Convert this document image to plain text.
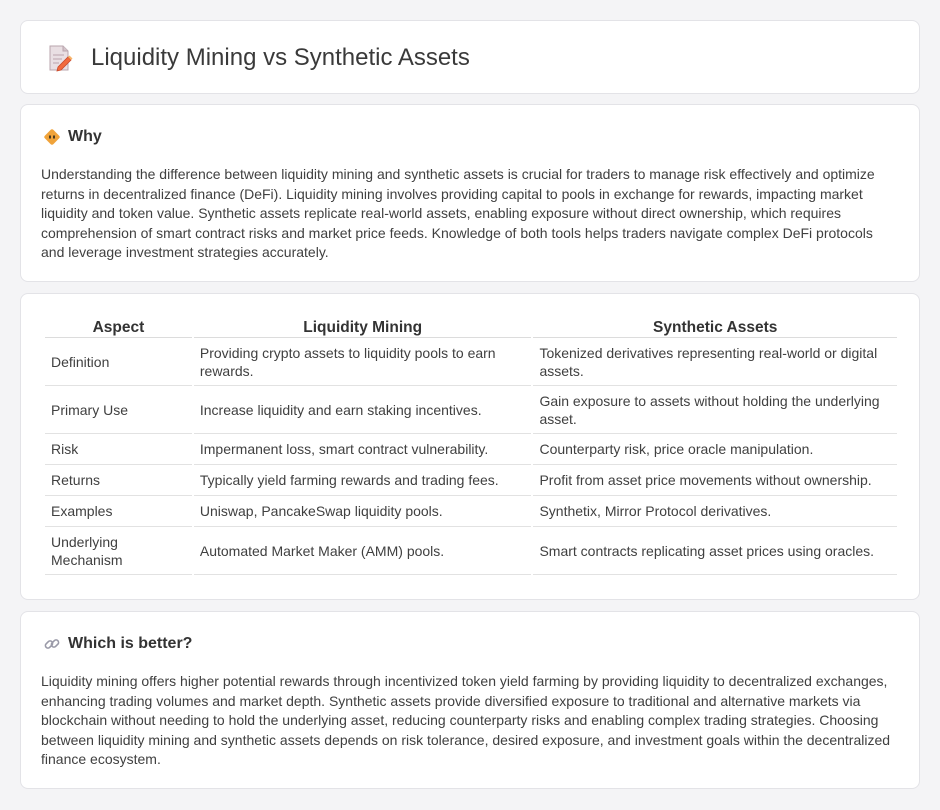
Liquidity Mining vs Synthetic Assets
Why

Understanding the difference between liquidity mining and synthetic assets is crucial for traders to manage risk effectively and optimize returns in decentralized finance (DeFi). Liquidity mining involves providing capital to pools in exchange for rewards, impacting market liquidity and token value. Synthetic assets replicate real-world assets, enabling exposure without direct ownership, which requires comprehension of smart contract risks and market price feeds. Knowledge of both tools helps traders navigate complex DeFi protocols and leverage investment strategies accurately.

Aspect	Liquidity Mining	Synthetic Assets
Definition	Providing crypto assets to liquidity pools to earn rewards.	Tokenized derivatives representing real-world or digital assets.
Primary Use	Increase liquidity and earn staking incentives.	Gain exposure to assets without holding the underlying asset.
Risk	Impermanent loss, smart contract vulnerability.	Counterparty risk, price oracle manipulation.
Returns	Typically yield farming rewards and trading fees.	Profit from asset price movements without ownership.
Examples	Uniswap, PancakeSwap liquidity pools.	Synthetix, Mirror Protocol derivatives.
Underlying Mechanism	Automated Market Maker (AMM) pools.	Smart contracts replicating asset prices using oracles.
Which is better?

Liquidity mining offers higher potential rewards through incentivized token yield farming by providing liquidity to decentralized exchanges, enhancing trading volumes and market depth. Synthetic assets provide diversified exposure to traditional and alternative markets via blockchain without needing to hold the underlying asset, reducing counterparty risks and enabling complex trading strategies. Choosing between liquidity mining and synthetic assets depends on risk tolerance, desired exposure, and investment goals within the decentralized finance ecosystem.
